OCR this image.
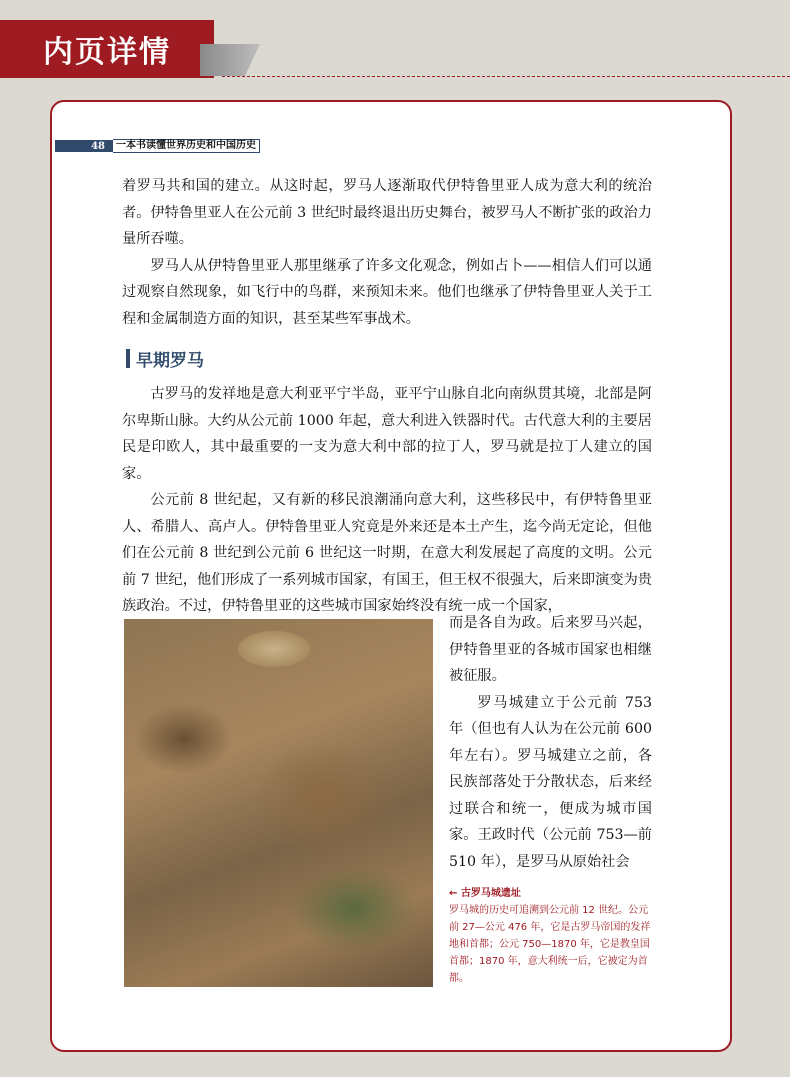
内页详情
48	一本书读懂世界历史和中国历史

着罗马共和国的建立。从这时起，罗马人逐渐取代伊特鲁里亚人成为意大利的统治者。伊特鲁里亚人在公元前 3 世纪时最终退出历史舞台，被罗马人不断扩张的政治力量所吞噬。

罗马人从伊特鲁里亚人那里继承了许多文化观念，例如占卜——相信人们可以通过观察自然现象，如飞行中的鸟群，来预知未来。他们也继承了伊特鲁里亚人关于工程和金属制造方面的知识，甚至某些军事战术。

早期罗马

古罗马的发祥地是意大利亚平宁半岛，亚平宁山脉自北向南纵贯其境，北部是阿尔卑斯山脉。大约从公元前 1000 年起，意大利进入铁器时代。古代意大利的主要居民是印欧人，其中最重要的一支为意大利中部的拉丁人，罗马就是拉丁人建立的国家。

公元前 8 世纪起，又有新的移民浪潮涌向意大利，这些移民中，有伊特鲁里亚人、希腊人、高卢人。伊特鲁里亚人究竟是外来还是本土产生，迄今尚无定论，但他们在公元前 8 世纪到公元前 6 世纪这一时期，在意大利发展起了高度的文明。公元前 7 世纪，他们形成了一系列城市国家，有国王，但王权不很强大，后来即演变为贵族政治。不过，伊特鲁里亚的这些城市国家始终没有统一成一个国家，

而是各自为政。后来罗马兴起，伊特鲁里亚的各城市国家也相继被征服。

罗马城建立于公元前 753 年（但也有人认为在公元前 600 年左右）。罗马城建立之前，各民族部落处于分散状态，后来经过联合和统一，便成为城市国家。王政时代（公元前 753—前 510 年），是罗马从原始社会

← 古罗马城遗址
罗马城的历史可追溯到公元前 12 世纪。公元前 27—公元 476 年，它是古罗马帝国的发祥地和首都；公元 750—1870 年，它是教皇国首都；1870 年，意大利统一后，它被定为首都。
